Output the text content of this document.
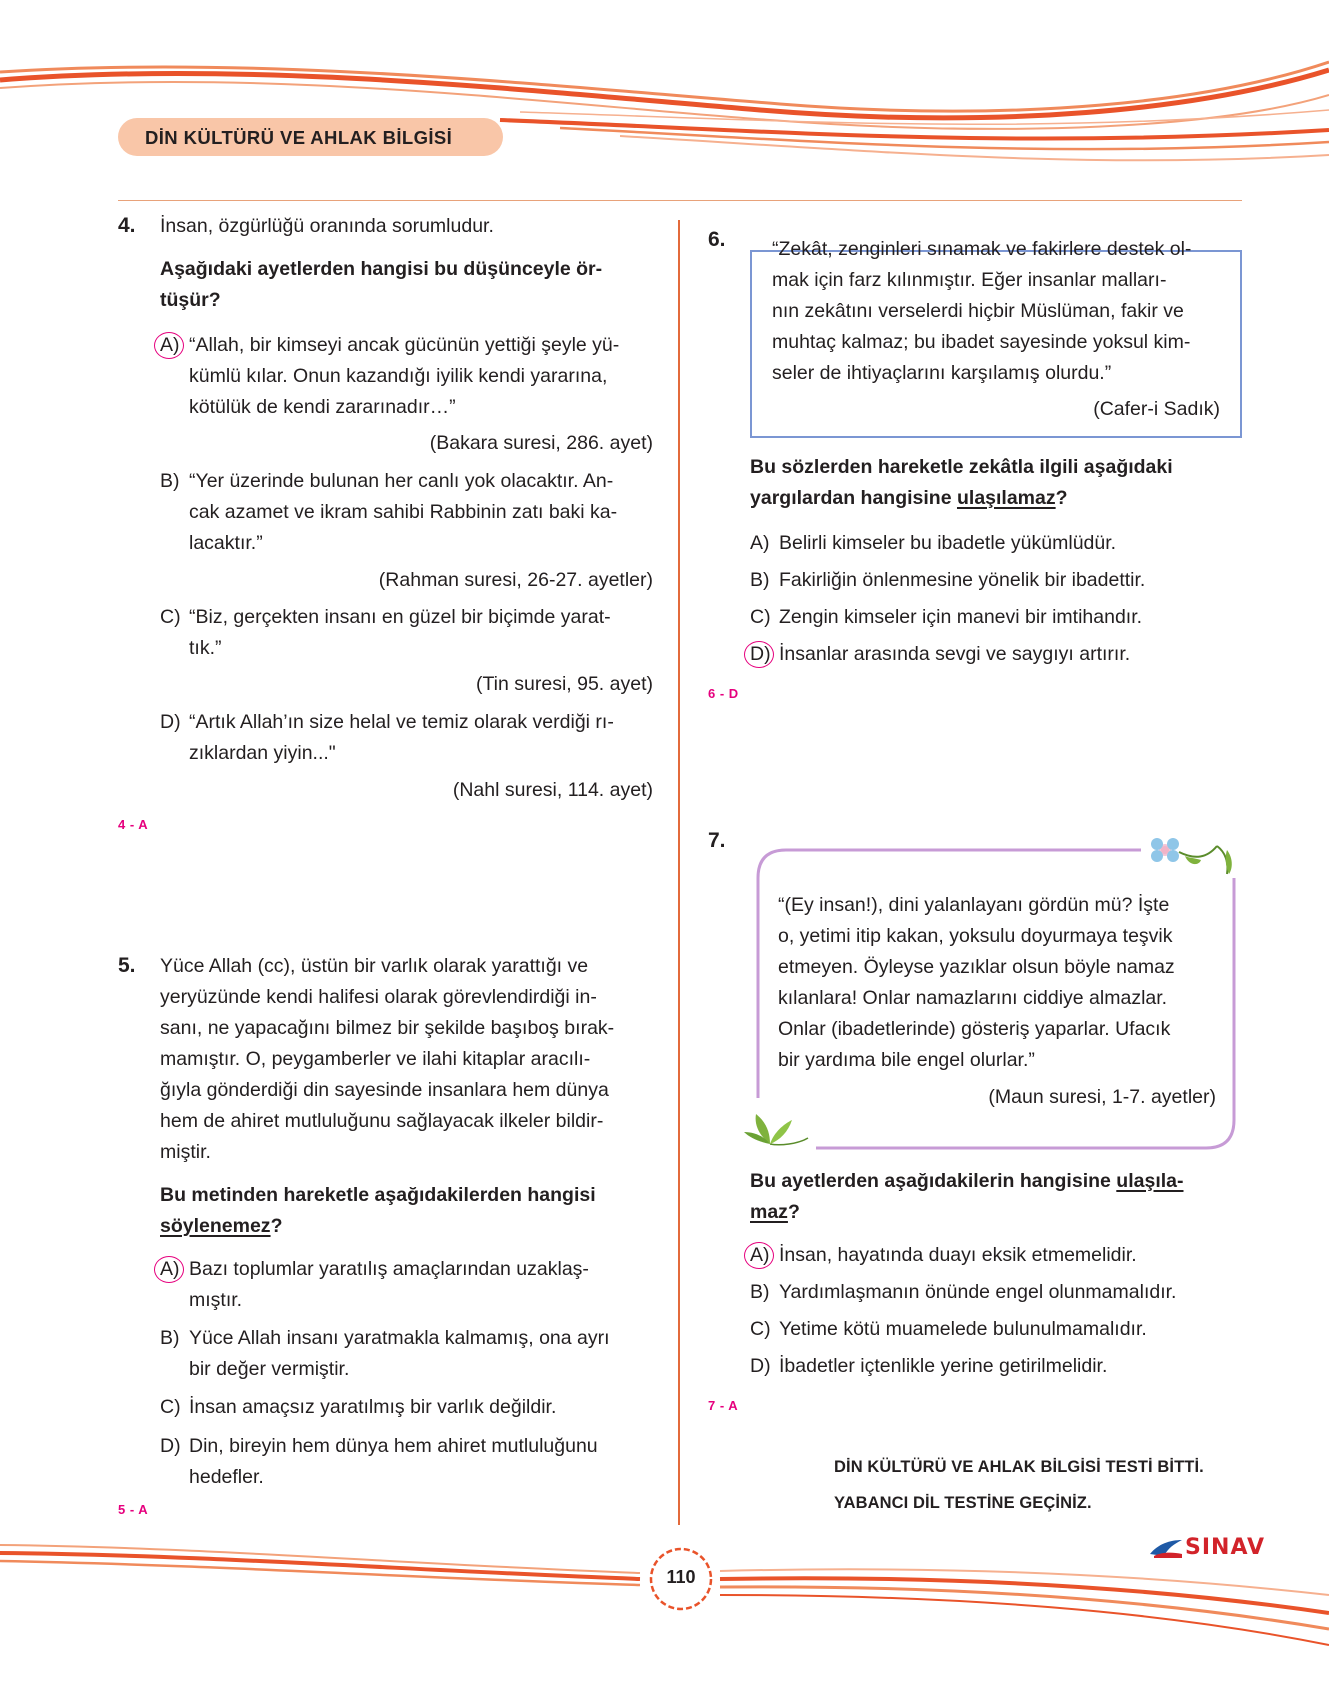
DİN KÜLTÜRÜ VE AHLAK BİLGİSİ
4. İnsan, özgürlüğü oranında sorumludur.
Aşağıdaki ayetlerden hangisi bu düşünceyle ör-
tüşür?
A) “Allah, bir kimseyi ancak gücünün yettiği şeyle yü-
kümlü kılar. Onun kazandığı iyilik kendi yararına,
kötülük de kendi zararınadır…”
(Bakara suresi, 286. ayet)
B) “Yer üzerinde bulunan her canlı yok olacaktır. An-
cak azamet ve ikram sahibi Rabbinin zatı baki ka-
lacaktır.”
(Rahman suresi, 26-27. ayetler)
C) “Biz, gerçekten insanı en güzel bir biçimde yarat-
tık.”
(Tin suresi, 95. ayet)
D) “Artık Allah’ın size helal ve temiz olarak verdiği rı-
zıklardan yiyin..."
(Nahl suresi, 114. ayet)
4 - A
5. Yüce Allah (cc), üstün bir varlık olarak yarattığı ve
yeryüzünde kendi halifesi olarak görevlendirdiği in-
sanı, ne yapacağını bilmez bir şekilde başıboş bırak-
mamıştır. O, peygamberler ve ilahi kitaplar aracılı-
ğıyla gönderdiği din sayesinde insanlara hem dünya
hem de ahiret mutluluğunu sağlayacak ilkeler bildir-
miştir.
Bu metinden hareketle aşağıdakilerden hangisi
söylenemez?
A) Bazı toplumlar yaratılış amaçlarından uzaklaş-
mıştır.
B) Yüce Allah insanı yaratmakla kalmamış, ona ayrı
bir değer vermiştir.
C) İnsan amaçsız yaratılmış bir varlık değildir.
D) Din, bireyin hem dünya hem ahiret mutluluğunu
hedefler.
5 - A
6. “Zekât, zenginleri sınamak ve fakirlere destek ol-
mak için farz kılınmıştır. Eğer insanlar malları-
nın zekâtını verselerdi hiçbir Müslüman, fakir ve
muhtaç kalmaz; bu ibadet sayesinde yoksul kim-
seler de ihtiyaçlarını karşılamış olurdu.”
(Cafer-i Sadık)
Bu sözlerden hareketle zekâtla ilgili aşağıdaki
yargılardan hangisine ulaşılamaz?
A) Belirli kimseler bu ibadetle yükümlüdür.
B) Fakirliğin önlenmesine yönelik bir ibadettir.
C) Zengin kimseler için manevi bir imtihandır.
D) İnsanlar arasında sevgi ve saygıyı artırır.
6 - D
7.
“(Ey insan!), dini yalanlayanı gördün mü? İşte
o, yetimi itip kakan, yoksulu doyurmaya teşvik
etmeyen. Öyleyse yazıklar olsun böyle namaz
kılanlara! Onlar namazlarını ciddiye almazlar.
Onlar (ibadetlerinde) gösteriş yaparlar. Ufacık
bir yardıma bile engel olurlar.”
(Maun suresi, 1-7. ayetler)
Bu ayetlerden aşağıdakilerin hangisine ulaşıla-
maz?
A) İnsan, hayatında duayı eksik etmemelidir.
B) Yardımlaşmanın önünde engel olunmamalıdır.
C) Yetime kötü muamelede bulunulmamalıdır.
D) İbadetler içtenlikle yerine getirilmelidir.
7 - A
DİN KÜLTÜRÜ VE AHLAK BİLGİSİ TESTİ BİTTİ.
YABANCI DİL TESTİNE GEÇİNİZ.
SINAV
110
